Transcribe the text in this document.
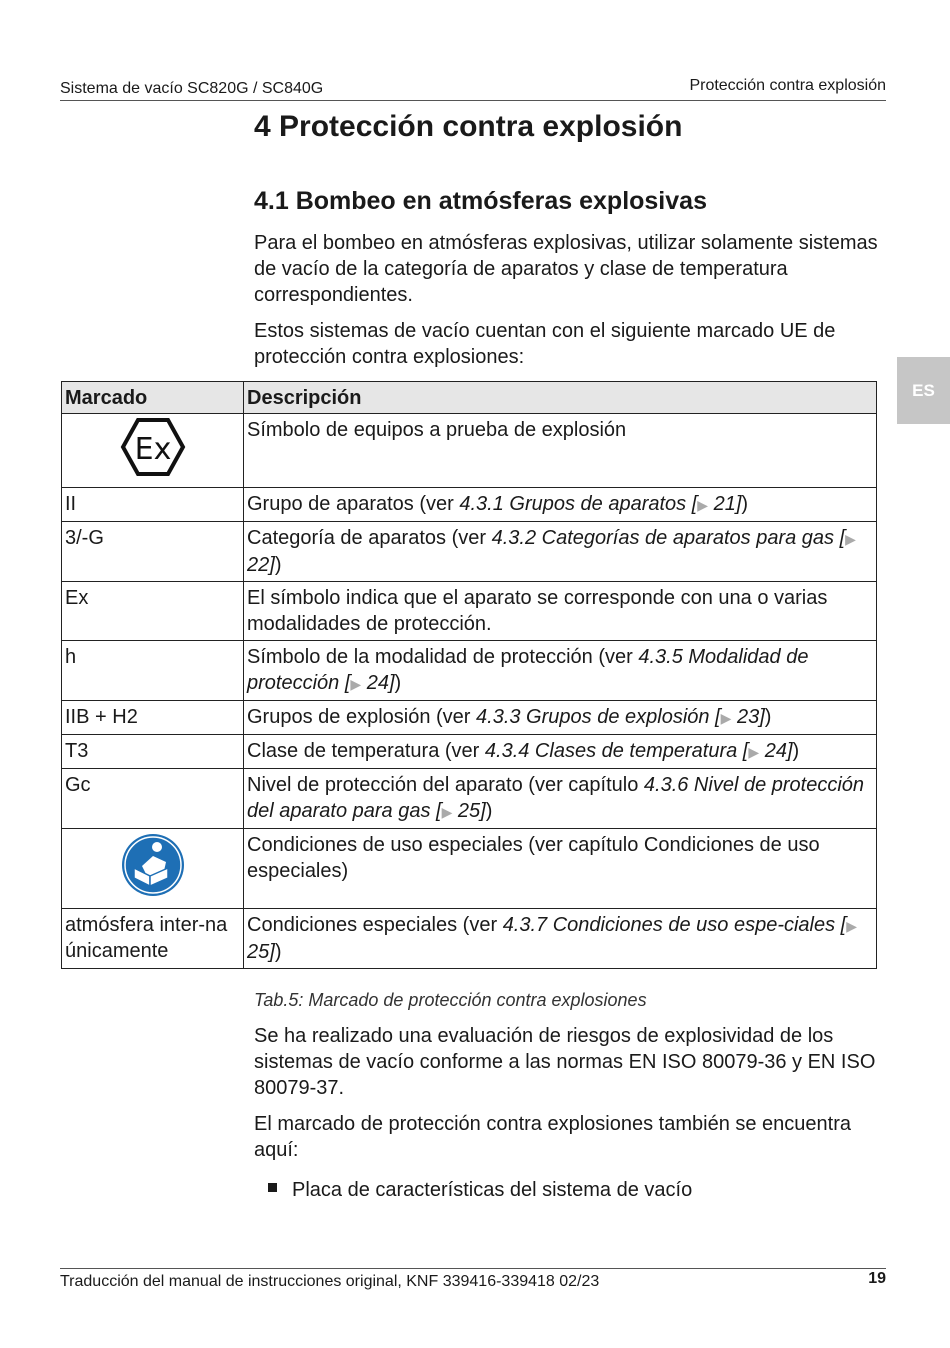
Sistema de vacío SC820G / SC840G	Protección contra explosión
4 Protección contra explosión
4.1 Bombeo en atmósferas explosivas

Para el bombeo en atmósferas explosivas, utilizar solamente sistemas de vacío de la categoría de aparatos y clase de temperatura correspondientes.

Estos sistemas de vacío cuentan con el siguiente marcado UE de protección contra explosiones:

ES
Marcado	Descripción

Ex	Símbolo de equipos a prueba de explosión
II	Grupo de aparatos (ver 4.3.1 Grupos de aparatos [▶ 21])
3/-G	Categoría de aparatos (ver 4.3.2 Categorías de aparatos para gas [▶ 22])
Ex	El símbolo indica que el aparato se corresponde con una o varias modalidades de protección.
h	Símbolo de la modalidad de protección (ver 4.3.5 Modalidad de protección [▶ 24])
IIB + H2	Grupos de explosión (ver 4.3.3 Grupos de explosión [▶ 23])
T3	Clase de temperatura (ver 4.3.4 Clases de temperatura [▶ 24])
Gc	Nivel de protección del aparato (ver capítulo 4.3.6 Nivel de protección del aparato para gas [▶ 25])
	Condiciones de uso especiales (ver capítulo Condiciones de uso especiales)
atmósfera inter-na únicamente	Condiciones especiales (ver 4.3.7 Condiciones de uso espe-ciales [▶ 25])

Tab.5: Marcado de protección contra explosiones

Se ha realizado una evaluación de riesgos de explosividad de los sistemas de vacío conforme a las normas EN ISO 80079-36 y EN ISO 80079-37.

El marcado de protección contra explosiones también se encuentra aquí:

Placa de características del sistema de vacío
Traducción del manual de instrucciones original, KNF 339416-339418 02/23	19
